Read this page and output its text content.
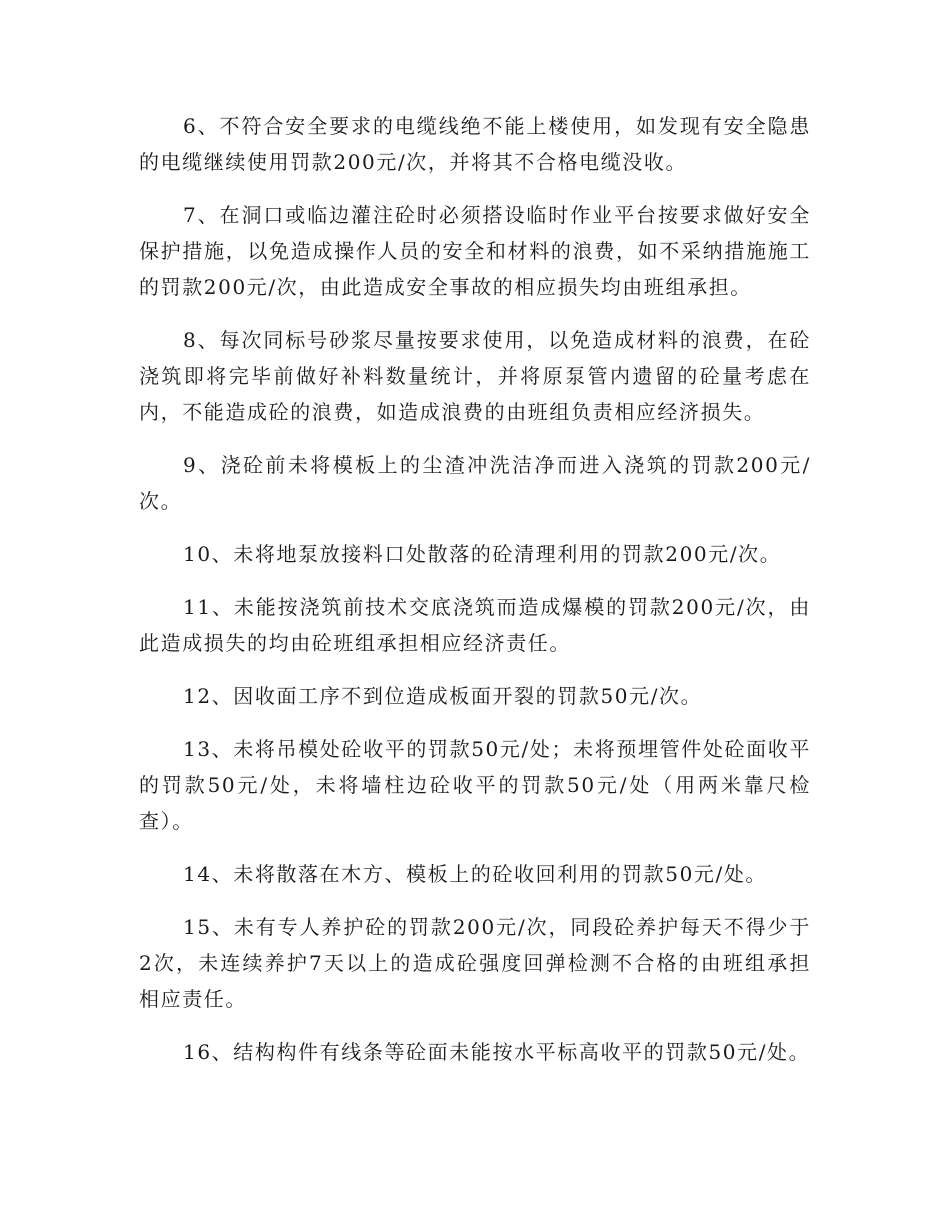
6、不符合安全要求的电缆线绝不能上楼使用，如发现有安全隐患的电缆继续使用罚款200元/次，并将其不合格电缆没收。

7、在洞口或临边灌注砼时必须搭设临时作业平台按要求做好安全保护措施，以免造成操作人员的安全和材料的浪费，如不采纳措施施工的罚款200元/次，由此造成安全事故的相应损失均由班组承担。

8、每次同标号砂浆尽量按要求使用，以免造成材料的浪费，在砼浇筑即将完毕前做好补料数量统计，并将原泵管内遗留的砼量考虑在内，不能造成砼的浪费，如造成浪费的由班组负责相应经济损失。

9、浇砼前未将模板上的尘渣冲洗洁净而进入浇筑的罚款200元/次。

10、未将地泵放接料口处散落的砼清理利用的罚款200元/次。

11、未能按浇筑前技术交底浇筑而造成爆模的罚款200元/次，由此造成损失的均由砼班组承担相应经济责任。

12、因收面工序不到位造成板面开裂的罚款50元/次。

13、未将吊模处砼收平的罚款50元/处；未将预埋管件处砼面收平的罚款50元/处，未将墙柱边砼收平的罚款50元/处（用两米靠尺检查）。

14、未将散落在木方、模板上的砼收回利用的罚款50元/处。

15、未有专人养护砼的罚款200元/次，同段砼养护每天不得少于2次，未连续养护7天以上的造成砼强度回弹检测不合格的由班组承担相应责任。

16、结构构件有线条等砼面未能按水平标高收平的罚款50元/处。
